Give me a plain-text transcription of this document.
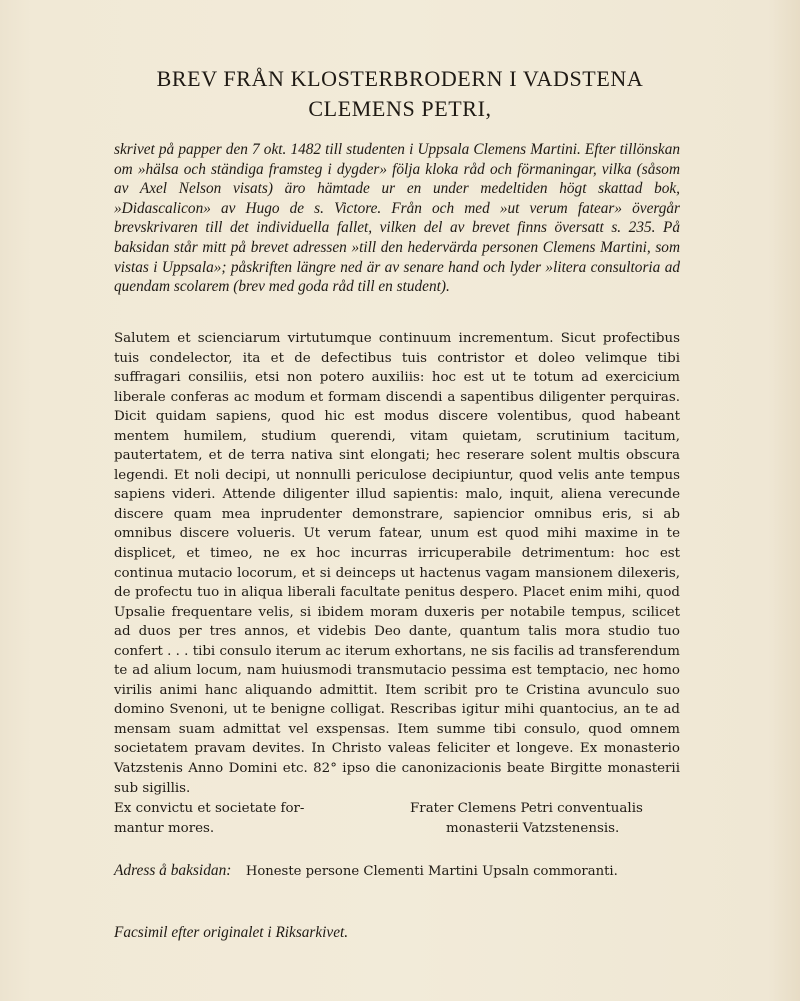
BREV FRÅN KLOSTERBRODERN I VADSTENA
CLEMENS PETRI,
skrivet på papper den 7 okt. 1482 till studenten i Uppsala Clemens Martini. Efter tillönskan om »hälsa och ständiga framsteg i dygder» följa kloka råd och förmaningar, vilka (såsom av Axel Nelson visats) äro hämtade ur en under medeltiden högt skattad bok, »Didascalicon» av Hugo de s. Victore. Från och med »ut verum fatear» övergår brevskrivaren till det individuella fallet, vilken del av brevet finns översatt s. 235. På baksidan står mitt på brevet adressen »till den hedervärda personen Clemens Martini, som vistas i Uppsala»; påskriften längre ned är av senare hand och lyder »litera consultoria ad quendam scolarem (brev med goda råd till en student).

Salutem et scienciarum virtutumque continuum incrementum. Sicut profectibus tuis condelector, ita et de defectibus tuis contristor et doleo velimque tibi suffragari consiliis, etsi non potero auxiliis: hoc est ut te totum ad exercicium liberale conferas ac modum et formam discendi a sapentibus diligenter perquiras. Dicit quidam sapiens, quod hic est modus discere volentibus, quod habeant mentem humilem, studium querendi, vitam quietam, scrutinium tacitum, pautertatem, et de terra nativa sint elongati; hec reserare solent multis obscura legendi. Et noli decipi, ut nonnulli periculose decipiuntur, quod velis ante tempus sapiens videri. Attende diligenter illud sapientis: malo, inquit, aliena verecunde discere quam mea inprudenter demonstrare, sapiencior omnibus eris, si ab omnibus discere volueris. Ut verum fatear, unum est quod mihi maxime in te displicet, et timeo, ne ex hoc incurras irricuperabile detrimentum: hoc est continua mutacio locorum, et si deinceps ut hactenus vagam mansionem dilexeris, de profectu tuo in aliqua liberali facultate penitus despero. Placet enim mihi, quod Upsalie frequentare velis, si ibidem moram duxeris per notabile tempus, scilicet ad duos per tres annos, et videbis Deo dante, quantum talis mora studio tuo confert . . . tibi consulo iterum ac iterum exhortans, ne sis facilis ad transferendum te ad alium locum, nam huiusmodi transmutacio pessima est temptacio, nec homo virilis animi hanc aliquando admittit. Item scribit pro te Cristina avunculo suo domino Svenoni, ut te benigne colligat. Rescribas igitur mihi quantocius, an te ad mensam suam admittat vel exspensas. Item summe tibi consulo, quod omnem societatem pravam devites. In Christo valeas feliciter et longeve. Ex monasterio Vatzstenis Anno Domini etc. 82° ipso die canonizacionis beate Birgitte monasterii sub sigillis.

Ex convictu et societate for-
mantur mores.
Frater Clemens Petri conventualis
monasterii Vatzstenensis.
Adress å baksidan: Honeste persone Clementi Martini Upsaln commoranti.
Facsimil efter originalet i Riksarkivet.
